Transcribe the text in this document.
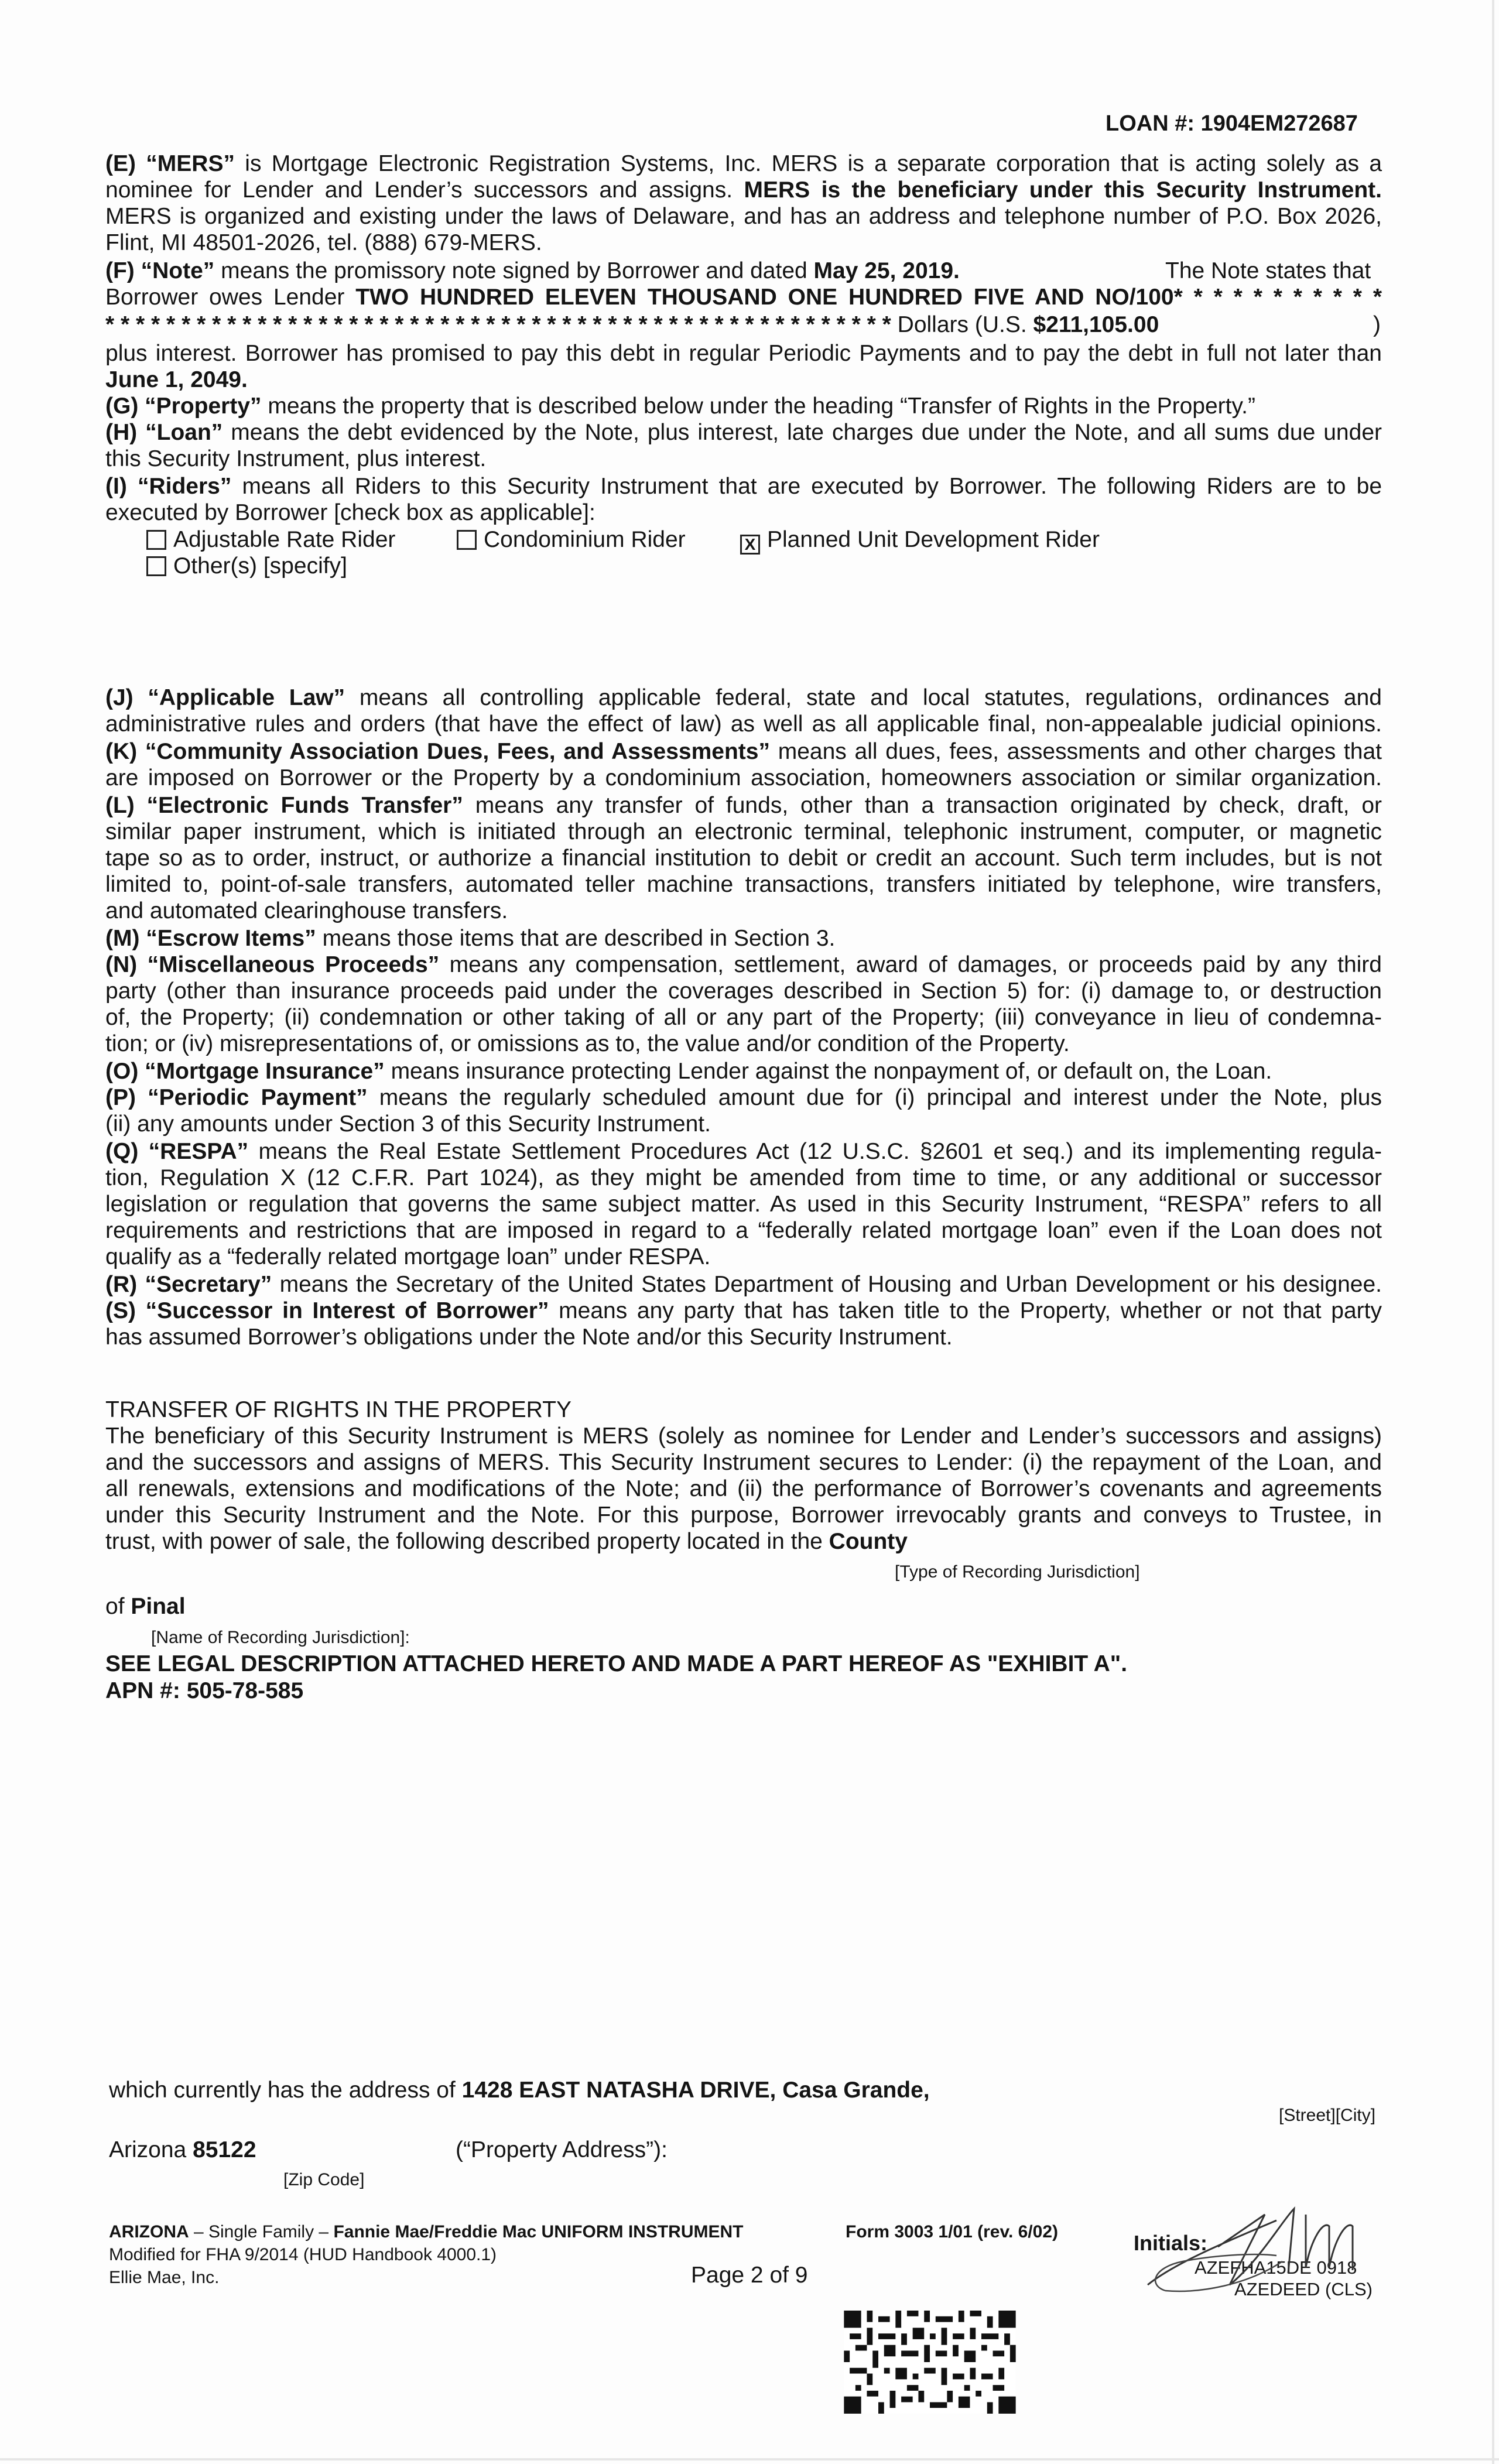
LOAN #: 1904EM272687
(E) “MERS” is Mortgage Electronic Registration Systems, Inc. MERS is a separate corporation that is acting solely as a
nominee for Lender and Lender’s successors and assigns. MERS is the beneficiary under this Security Instrument.
MERS is organized and existing under the laws of Delaware, and has an address and telephone number of P.O. Box 2026,
Flint, MI 48501-2026, tel. (888) 679-MERS.
(F) “Note” means the promissory note signed by Borrower and dated May 25, 2019.	The Note states that
Borrower owes Lender TWO HUNDRED ELEVEN THOUSAND ONE HUNDRED FIVE AND NO/100* * * * * * * * * * *
* * * * * * * * * * * * * * * * * * * * * * * * * * * * * * * * * * * * * * * * * * * * * * * * * * * * Dollars (U.S. $211,105.00	)
plus interest. Borrower has promised to pay this debt in regular Periodic Payments and to pay the debt in full not later than
June 1, 2049.
(G) “Property” means the property that is described below under the heading “Transfer of Rights in the Property.”
(H) “Loan” means the debt evidenced by the Note, plus interest, late charges due under the Note, and all sums due under
this Security Instrument, plus interest.
(I) “Riders” means all Riders to this Security Instrument that are executed by Borrower. The following Riders are to be
executed by Borrower [check box as applicable]:
Adjustable Rate Rider	Condominium Rider	X Planned Unit Development Rider
Other(s) [specify]
(J) “Applicable Law” means all controlling applicable federal, state and local statutes, regulations, ordinances and
administrative rules and orders (that have the effect of law) as well as all applicable final, non-appealable judicial opinions.
(K) “Community Association Dues, Fees, and Assessments” means all dues, fees, assessments and other charges that
are imposed on Borrower or the Property by a condominium association, homeowners association or similar organization.
(L) “Electronic Funds Transfer” means any transfer of funds, other than a transaction originated by check, draft, or
similar paper instrument, which is initiated through an electronic terminal, telephonic instrument, computer, or magnetic
tape so as to order, instruct, or authorize a financial institution to debit or credit an account. Such term includes, but is not
limited to, point-of-sale transfers, automated teller machine transactions, transfers initiated by telephone, wire transfers,
and automated clearinghouse transfers.
(M) “Escrow Items” means those items that are described in Section 3.
(N) “Miscellaneous Proceeds” means any compensation, settlement, award of damages, or proceeds paid by any third
party (other than insurance proceeds paid under the coverages described in Section 5) for: (i) damage to, or destruction
of, the Property; (ii) condemnation or other taking of all or any part of the Property; (iii) conveyance in lieu of condemna-
tion; or (iv) misrepresentations of, or omissions as to, the value and/or condition of the Property.
(O) “Mortgage Insurance” means insurance protecting Lender against the nonpayment of, or default on, the Loan.
(P) “Periodic Payment” means the regularly scheduled amount due for (i) principal and interest under the Note, plus
(ii) any amounts under Section 3 of this Security Instrument.
(Q) “RESPA” means the Real Estate Settlement Procedures Act (12 U.S.C. §2601 et seq.) and its implementing regula-
tion, Regulation X (12 C.F.R. Part 1024), as they might be amended from time to time, or any additional or successor
legislation or regulation that governs the same subject matter. As used in this Security Instrument, “RESPA” refers to all
requirements and restrictions that are imposed in regard to a “federally related mortgage loan” even if the Loan does not
qualify as a “federally related mortgage loan” under RESPA.
(R) “Secretary” means the Secretary of the United States Department of Housing and Urban Development or his designee.
(S) “Successor in Interest of Borrower” means any party that has taken title to the Property, whether or not that party
has assumed Borrower’s obligations under the Note and/or this Security Instrument.
TRANSFER OF RIGHTS IN THE PROPERTY
The beneficiary of this Security Instrument is MERS (solely as nominee for Lender and Lender’s successors and assigns)
and the successors and assigns of MERS. This Security Instrument secures to Lender: (i) the repayment of the Loan, and
all renewals, extensions and modifications of the Note; and (ii) the performance of Borrower’s covenants and agreements
under this Security Instrument and the Note. For this purpose, Borrower irrevocably grants and conveys to Trustee, in
trust, with power of sale, the following described property located in the County
[Type of Recording Jurisdiction]
of Pinal
[Name of Recording Jurisdiction]:
SEE LEGAL DESCRIPTION ATTACHED HERETO AND MADE A PART HEREOF AS "EXHIBIT A".
APN #: 505-78-585
which currently has the address of 1428 EAST NATASHA DRIVE, Casa Grande,
[Street][City]
Arizona 85122	(“Property Address”):
[Zip Code]
ARIZONA – Single Family – Fannie Mae/Freddie Mac UNIFORM INSTRUMENT	Form 3003 1/01 (rev. 6/02)
Modified for FHA 9/2014 (HUD Handbook 4000.1)
Ellie Mae, Inc.	Page 2 of 9
Initials:
AZEFHA15DE 0918
AZEDEED (CLS)
